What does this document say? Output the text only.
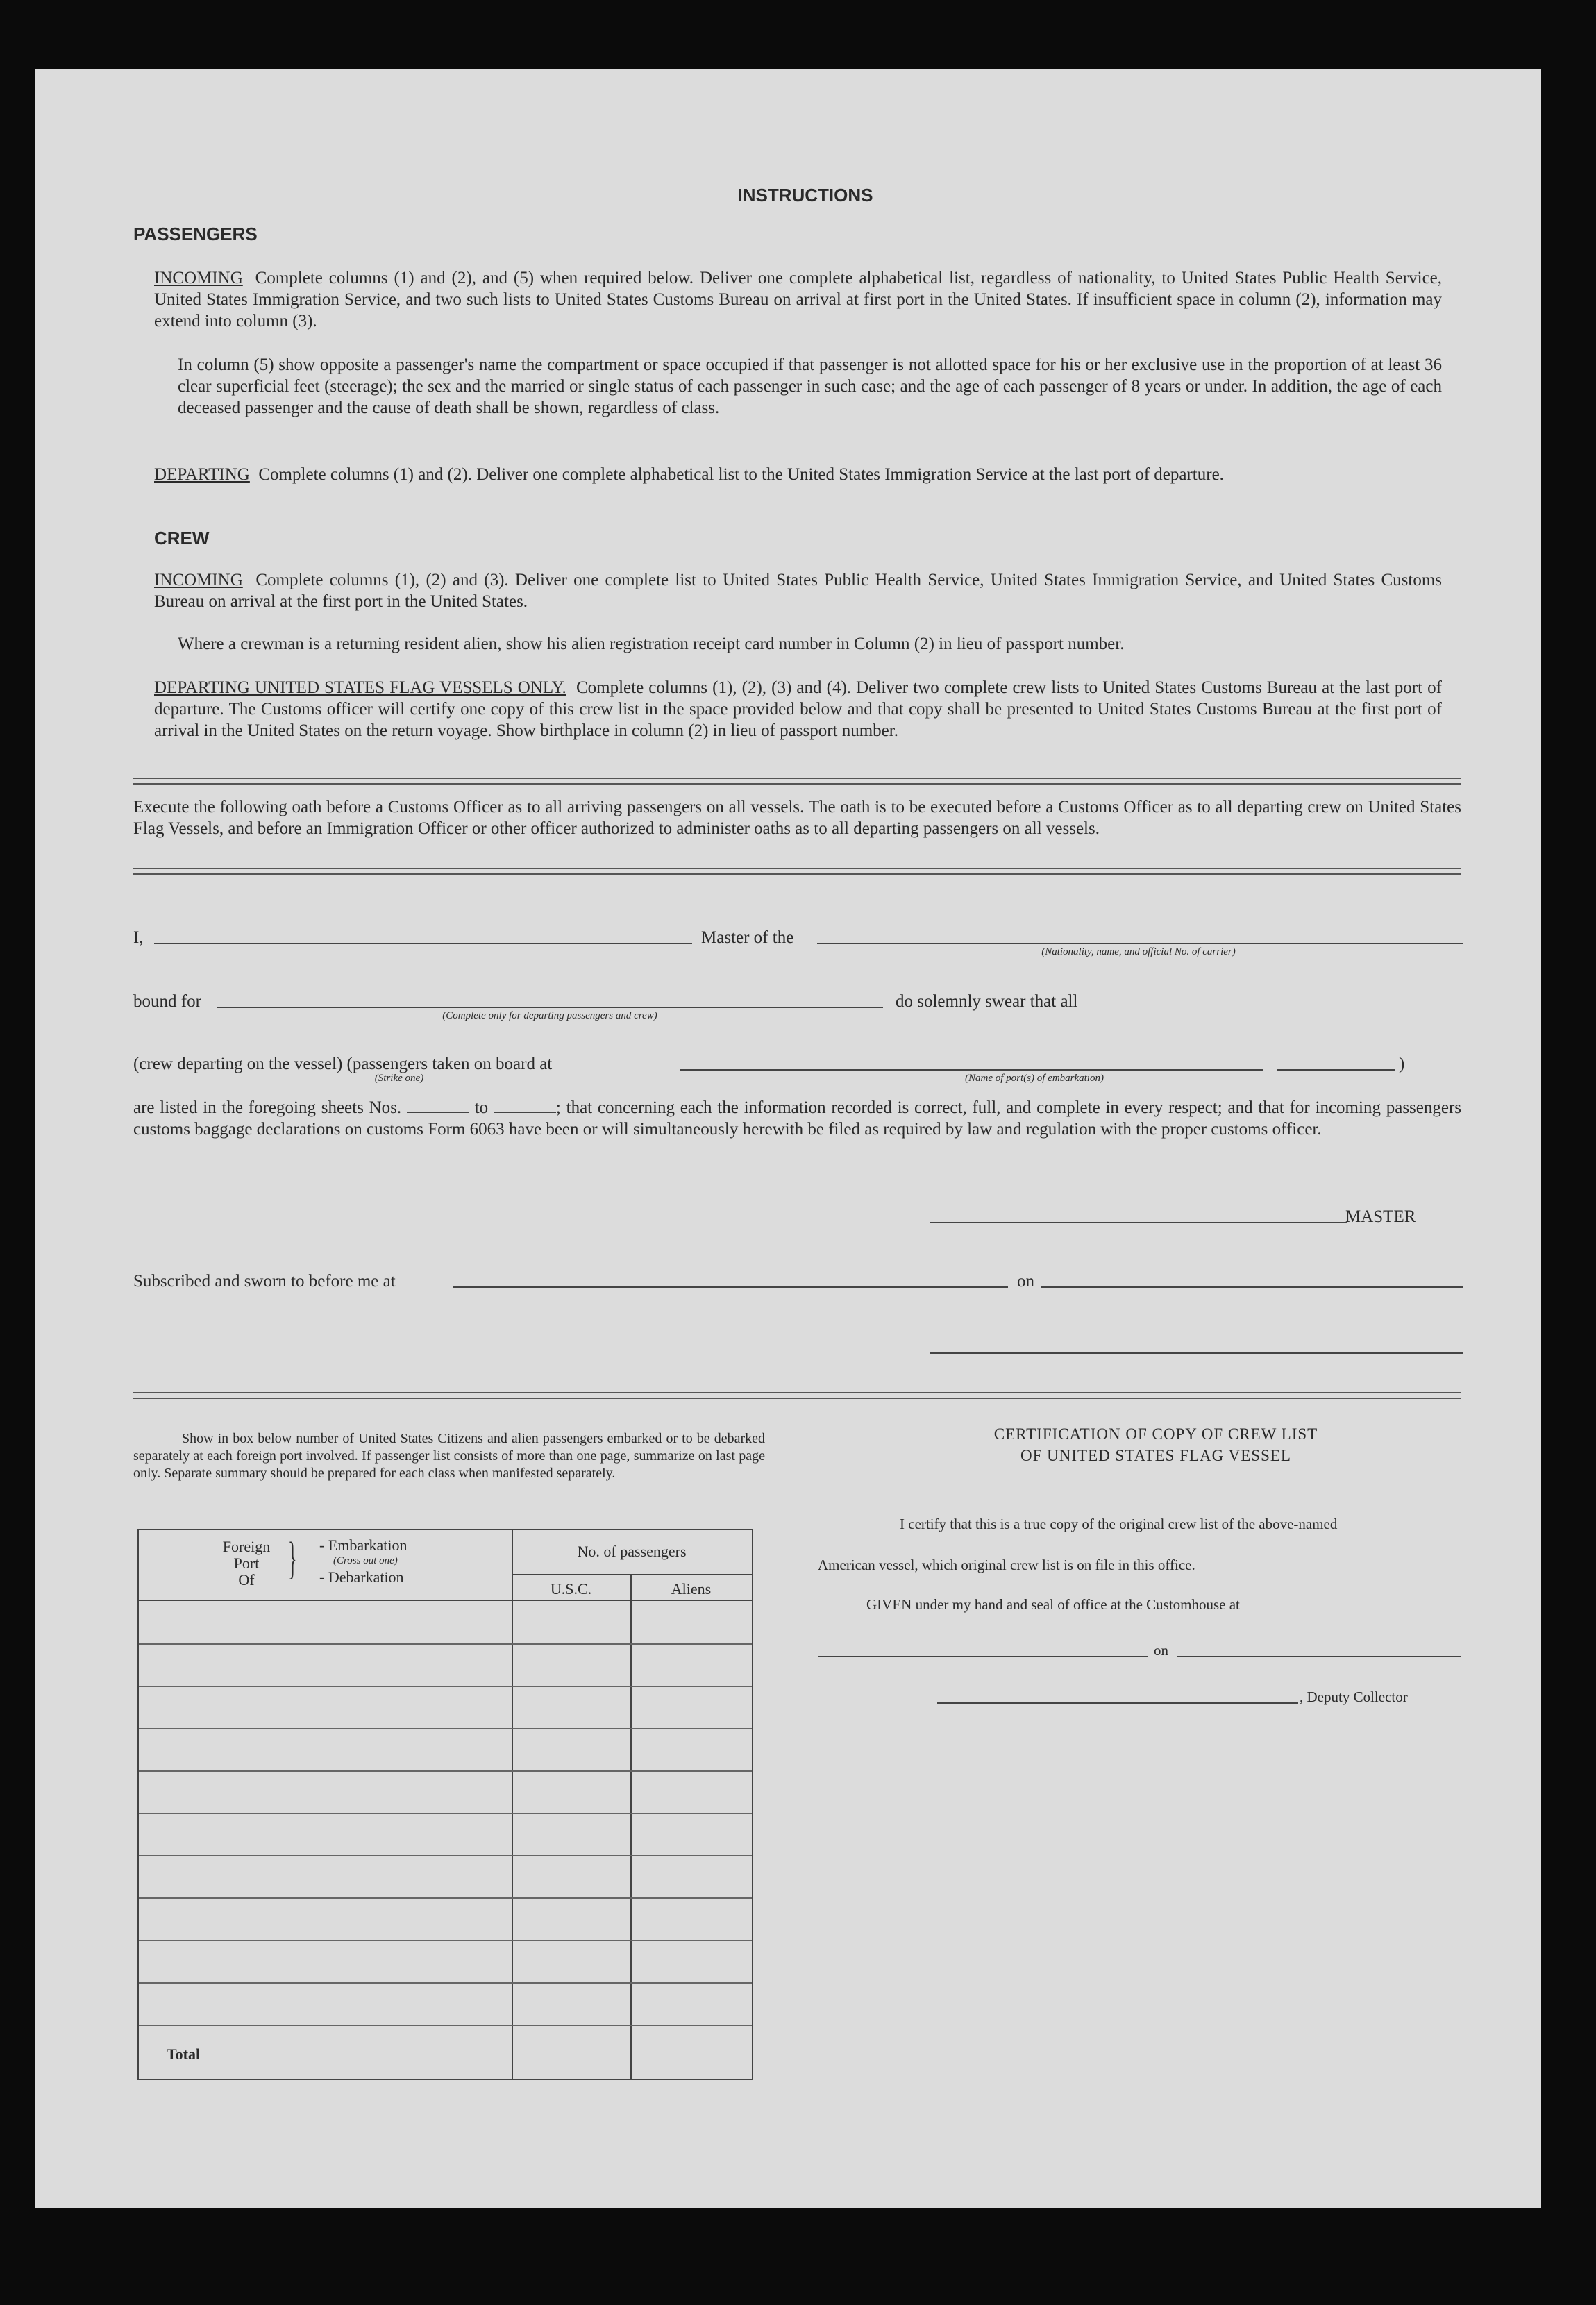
INSTRUCTIONS
PASSENGERS
INCOMING Complete columns (1) and (2), and (5) when required below. Deliver one complete alphabetical list, regardless of nationality, to United States Public Health Service, United States Immigration Service, and two such lists to United States Customs Bureau on arrival at first port in the United States. If insufficient space in column (2), information may extend into column (3).
In column (5) show opposite a passenger's name the compartment or space occupied if that passenger is not allotted space for his or her exclusive use in the proportion of at least 36 clear superficial feet (steerage); the sex and the married or single status of each passenger in such case; and the age of each passenger of 8 years or under. In addition, the age of each deceased passenger and the cause of death shall be shown, regardless of class.
DEPARTING Complete columns (1) and (2). Deliver one complete alphabetical list to the United States Immigration Service at the last port of departure.
CREW
INCOMING Complete columns (1), (2) and (3). Deliver one complete list to United States Public Health Service, United States Immigration Service, and United States Customs Bureau on arrival at the first port in the United States.
Where a crewman is a returning resident alien, show his alien registration receipt card number in Column (2) in lieu of passport number.
DEPARTING UNITED STATES FLAG VESSELS ONLY. Complete columns (1), (2), (3) and (4). Deliver two complete crew lists to United States Customs Bureau at the last port of departure. The Customs officer will certify one copy of this crew list in the space provided below and that copy shall be presented to United States Customs Bureau at the first port of arrival in the United States on the return voyage. Show birthplace in column (2) in lieu of passport number.
Execute the following oath before a Customs Officer as to all arriving passengers on all vessels. The oath is to be executed before a Customs Officer as to all departing crew on United States Flag Vessels, and before an Immigration Officer or other officer authorized to administer oaths as to all departing passengers on all vessels.
I,	Master of the
(Nationality, name, and official No. of carrier)
bound for
(Complete only for departing passengers and crew)
do solemnly swear that all
(crew departing on the vessel) (passengers taken on board at	)
(Strike one)	(Name of port(s) of embarkation)
are listed in the foregoing sheets Nos.	to	; that concerning each the information recorded is correct, full, and complete in every respect; and that for incoming passengers customs baggage declarations on customs Form 6063 have been or will simultaneously herewith be filed as required by law and regulation with the proper customs officer.
MASTER
Subscribed and sworn to before me at	on
Show in box below number of United States Citizens and alien passengers embarked or to be debarked separately at each foreign port involved. If passenger list consists of more than one page, summarize on last page only. Separate summary should be prepared for each class when manifested separately.
Foreign
Port
Of } - Embarkation
(Cross out one)
- Debarkation
No. of passengers
U.S.C.	Aliens
Total
CERTIFICATION OF COPY OF CREW LIST
OF UNITED STATES FLAG VESSEL
I certify that this is a true copy of the original crew list of the above-named
American vessel, which original crew list is on file in this office.
GIVEN under my hand and seal of office at the Customhouse at
on
, Deputy Collector
